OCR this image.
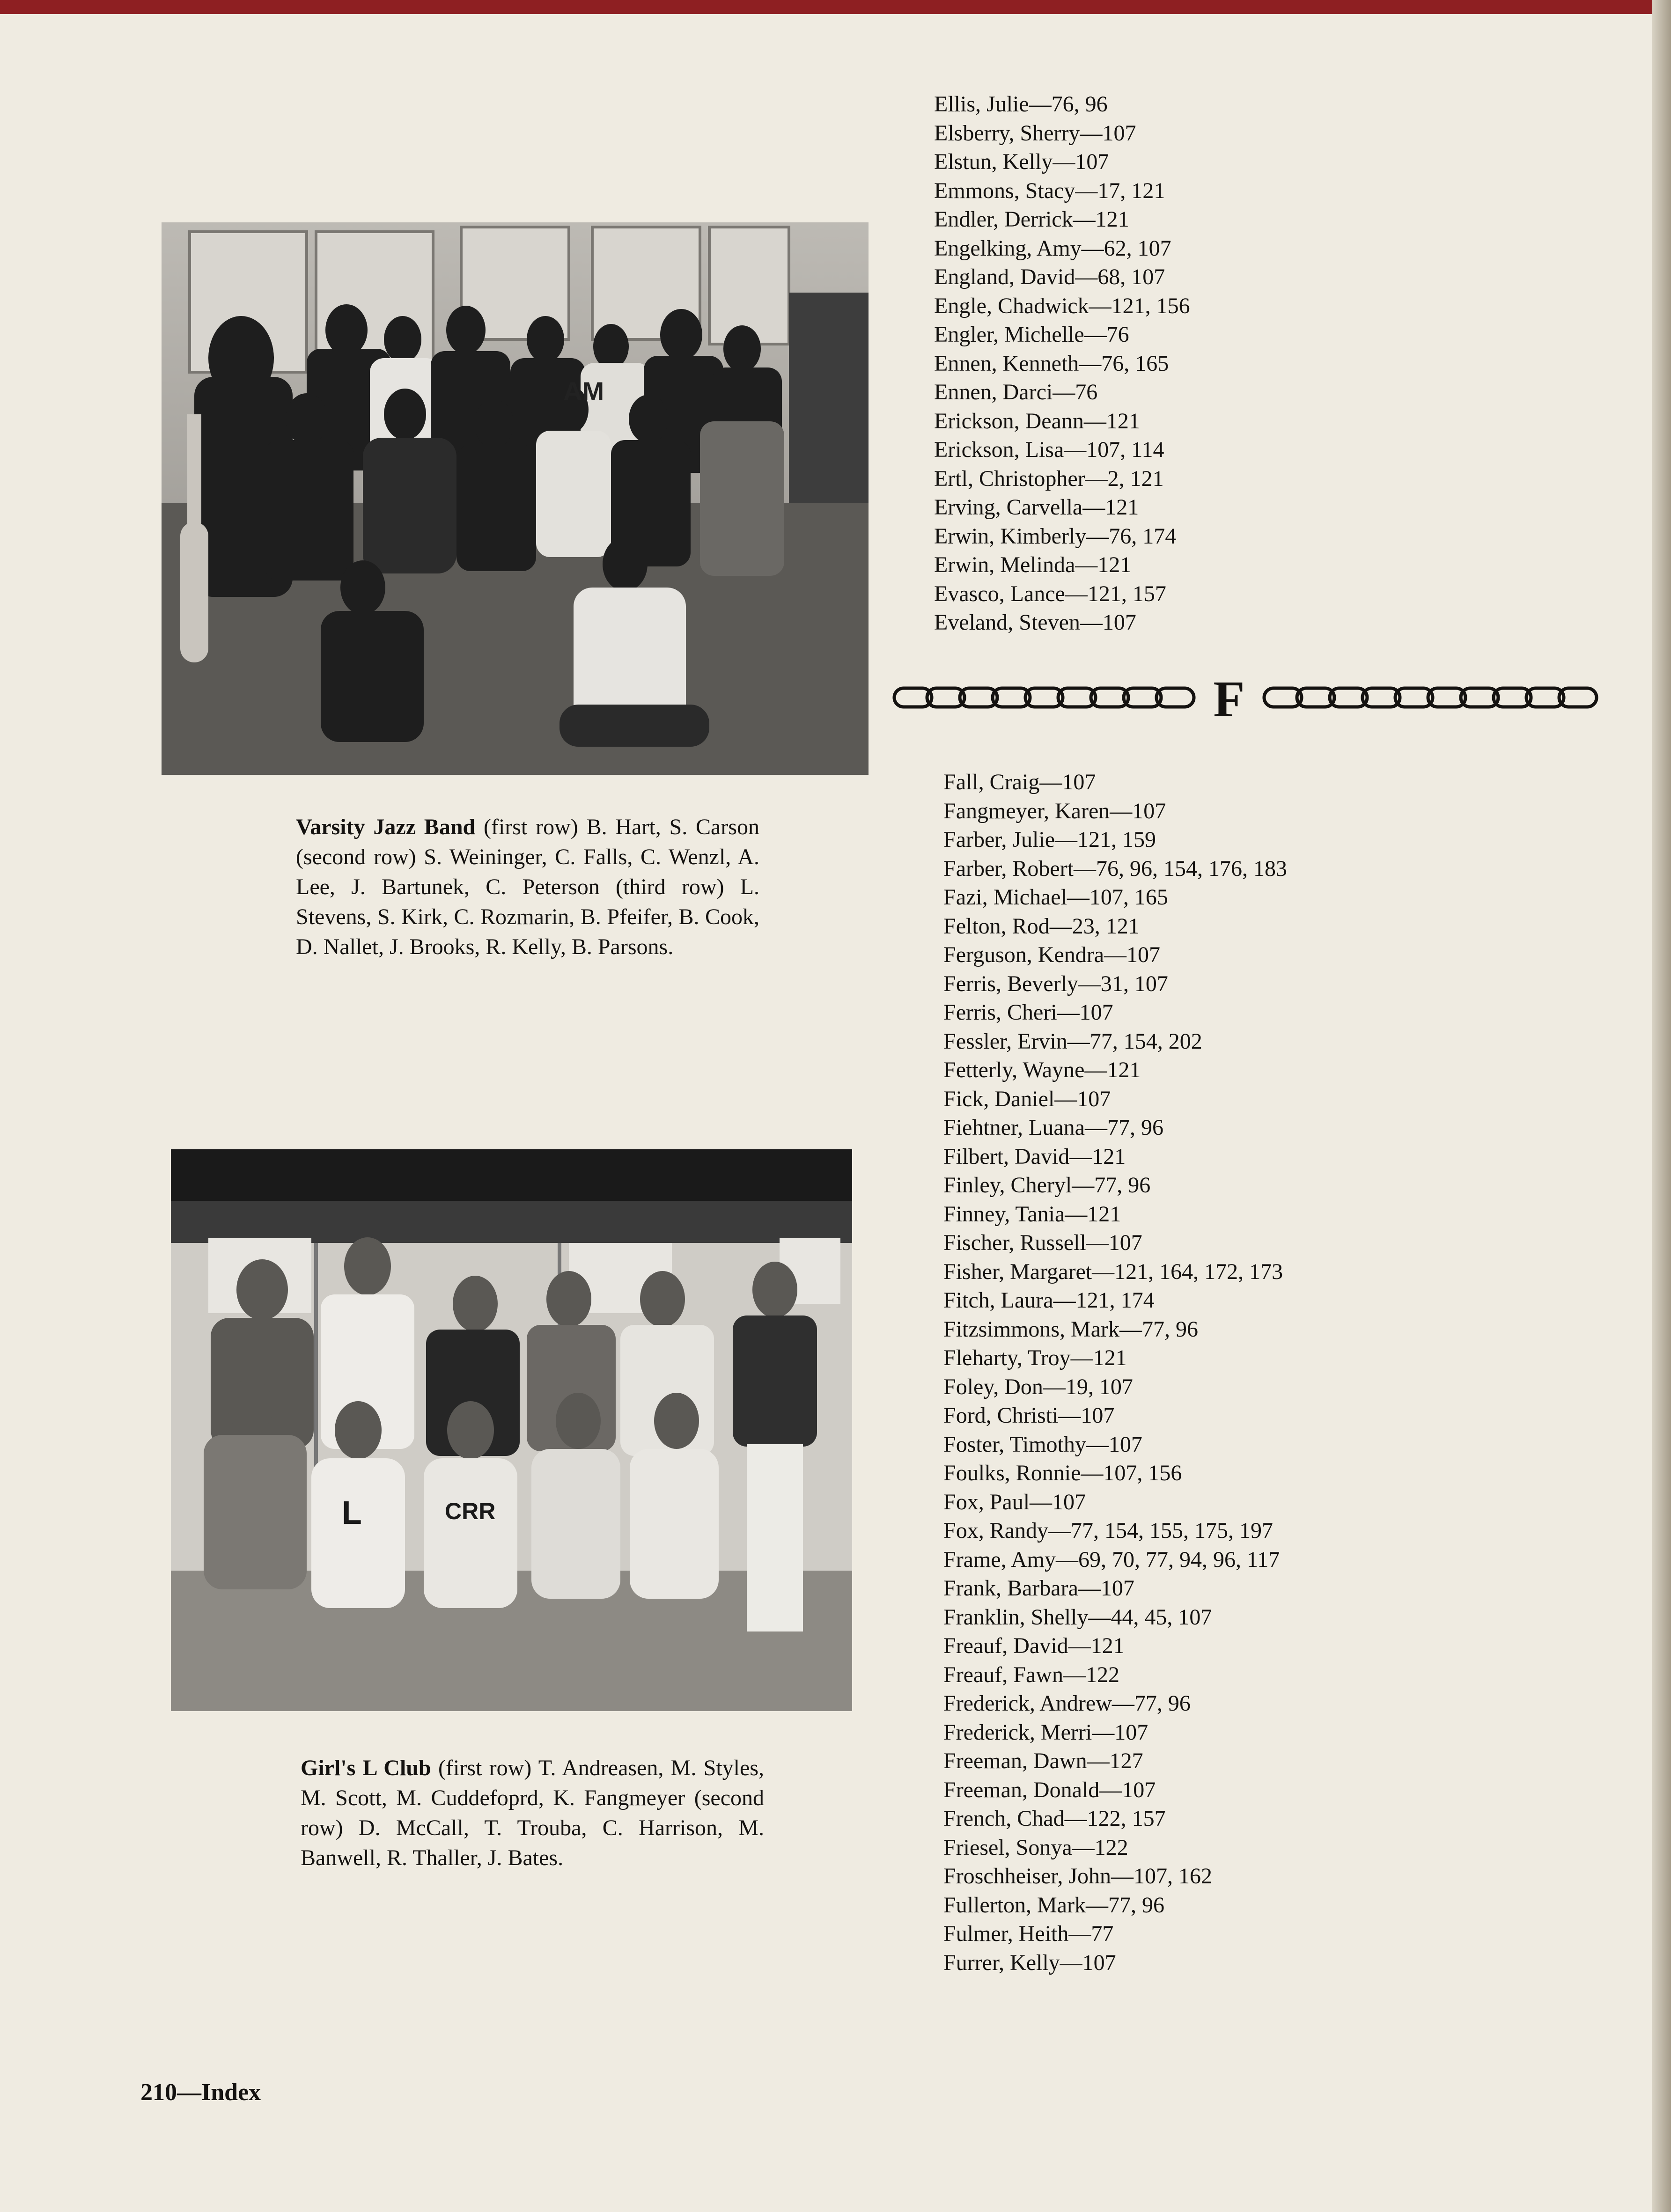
AM
Varsity Jazz Band (first row) B. Hart, S. Carson (second row) S. Weininger, C. Falls, C. Wenzl, A. Lee, J. Bartunek, C. Peterson (third row) L. Stevens, S. Kirk, C. Rozmarin, B. Pfeifer, B. Cook, D. Nallet, J. Brooks, R. Kelly, B. Parsons.
L	CRR
Girl's L Club (first row) T. Andreasen, M. Styles, M. Scott, M. Cuddefoprd, K. Fangmeyer (second row) D. McCall, T. Trouba, C. Harrison, M. Banwell, R. Thaller, J. Bates.
Ellis, Julie—76, 96
Elsberry, Sherry—107
Elstun, Kelly—107
Emmons, Stacy—17, 121
Endler, Derrick—121
Engelking, Amy—62, 107
England, David—68, 107
Engle, Chadwick—121, 156
Engler, Michelle—76
Ennen, Kenneth—76, 165
Ennen, Darci—76
Erickson, Deann—121
Erickson, Lisa—107, 114
Ertl, Christopher—2, 121
Erving, Carvella—121
Erwin, Kimberly—76, 174
Erwin, Melinda—121
Evasco, Lance—121, 157
Eveland, Steven—107
F
Fall, Craig—107
Fangmeyer, Karen—107
Farber, Julie—121, 159
Farber, Robert—76, 96, 154, 176, 183
Fazi, Michael—107, 165
Felton, Rod—23, 121
Ferguson, Kendra—107
Ferris, Beverly—31, 107
Ferris, Cheri—107
Fessler, Ervin—77, 154, 202
Fetterly, Wayne—121
Fick, Daniel—107
Fiehtner, Luana—77, 96
Filbert, David—121
Finley, Cheryl—77, 96
Finney, Tania—121
Fischer, Russell—107
Fisher, Margaret—121, 164, 172, 173
Fitch, Laura—121, 174
Fitzsimmons, Mark—77, 96
Fleharty, Troy—121
Foley, Don—19, 107
Ford, Christi—107
Foster, Timothy—107
Foulks, Ronnie—107, 156
Fox, Paul—107
Fox, Randy—77, 154, 155, 175, 197
Frame, Amy—69, 70, 77, 94, 96, 117
Frank, Barbara—107
Franklin, Shelly—44, 45, 107
Freauf, David—121
Freauf, Fawn—122
Frederick, Andrew—77, 96
Frederick, Merri—107
Freeman, Dawn—127
Freeman, Donald—107
French, Chad—122, 157
Friesel, Sonya—122
Froschheiser, John—107, 162
Fullerton, Mark—77, 96
Fulmer, Heith—77
Furrer, Kelly—107
210—Index
